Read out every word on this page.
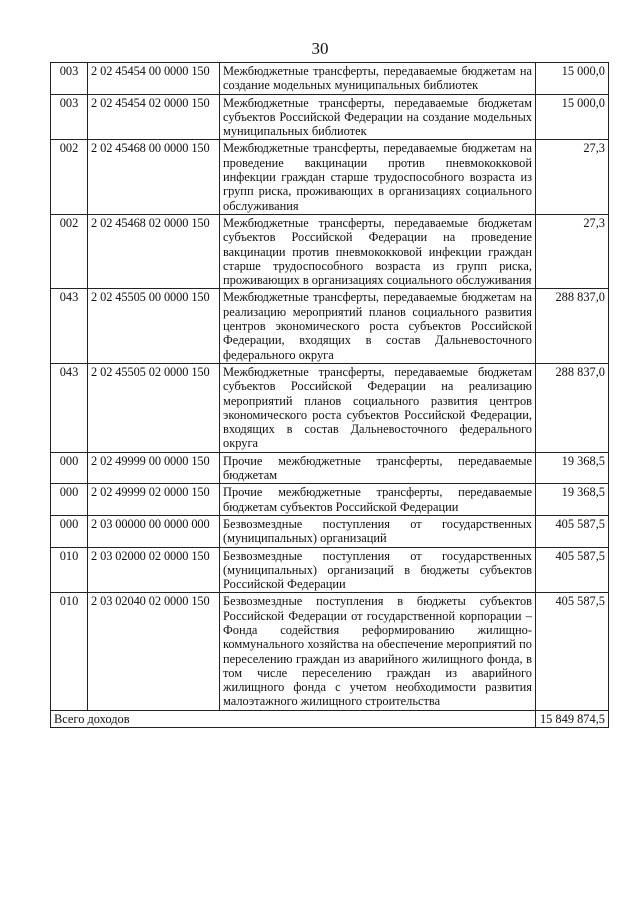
30
003	2 02 45454 00 0000 150	Межбюджетные трансферты, передаваемые бюджетам на создание модельных муниципальных библиотек	15 000,0
003	2 02 45454 02 0000 150	Межбюджетные трансферты, передаваемые бюджетам субъектов Российской Федерации на создание модельных муниципальных библиотек	15 000,0
002	2 02 45468 00 0000 150	Межбюджетные трансферты, передаваемые бюджетам на проведение вакцинации против пневмококковой инфекции граждан старше трудоспособного возраста из групп риска, проживающих в организациях социального обслуживания	27,3
002	2 02 45468 02 0000 150	Межбюджетные трансферты, передаваемые бюджетам субъектов Российской Федерации на проведение вакцинации против пневмококковой инфекции граждан старше трудоспособного возраста из групп риска, проживающих в организациях социального обслуживания	27,3
043	2 02 45505 00 0000 150	Межбюджетные трансферты, передаваемые бюджетам на реализацию мероприятий планов социального развития центров экономического роста субъектов Российской Федерации, входящих в состав Дальневосточного федерального округа	288 837,0
043	2 02 45505 02 0000 150	Межбюджетные трансферты, передаваемые бюджетам субъектов Российской Федерации на реализацию мероприятий планов социального развития центров экономического роста субъектов Российской Федерации, входящих в состав Дальневосточного федерального округа	288 837,0
000	2 02 49999 00 0000 150	Прочие межбюджетные трансферты, передаваемые бюджетам	19 368,5
000	2 02 49999 02 0000 150	Прочие межбюджетные трансферты, передаваемые бюджетам субъектов Российской Федерации	19 368,5
000	2 03 00000 00 0000 000	Безвозмездные поступления от государственных (муниципальных) организаций	405 587,5
010	2 03 02000 02 0000 150	Безвозмездные поступления от государственных (муниципальных) организаций в бюджеты субъектов Российской Федерации	405 587,5
010	2 03 02040 02 0000 150	Безвозмездные поступления в бюджеты субъектов Российской Федерации от государственной корпорации – Фонда содействия реформированию жилищно-коммунального хозяйства на обеспечение мероприятий по переселению граждан из аварийного жилищного фонда, в том числе переселению граждан из аварийного жилищного фонда с учетом необходимости развития малоэтажного жилищного строительства	405 587,5
Всего доходов			15 849 874,5
